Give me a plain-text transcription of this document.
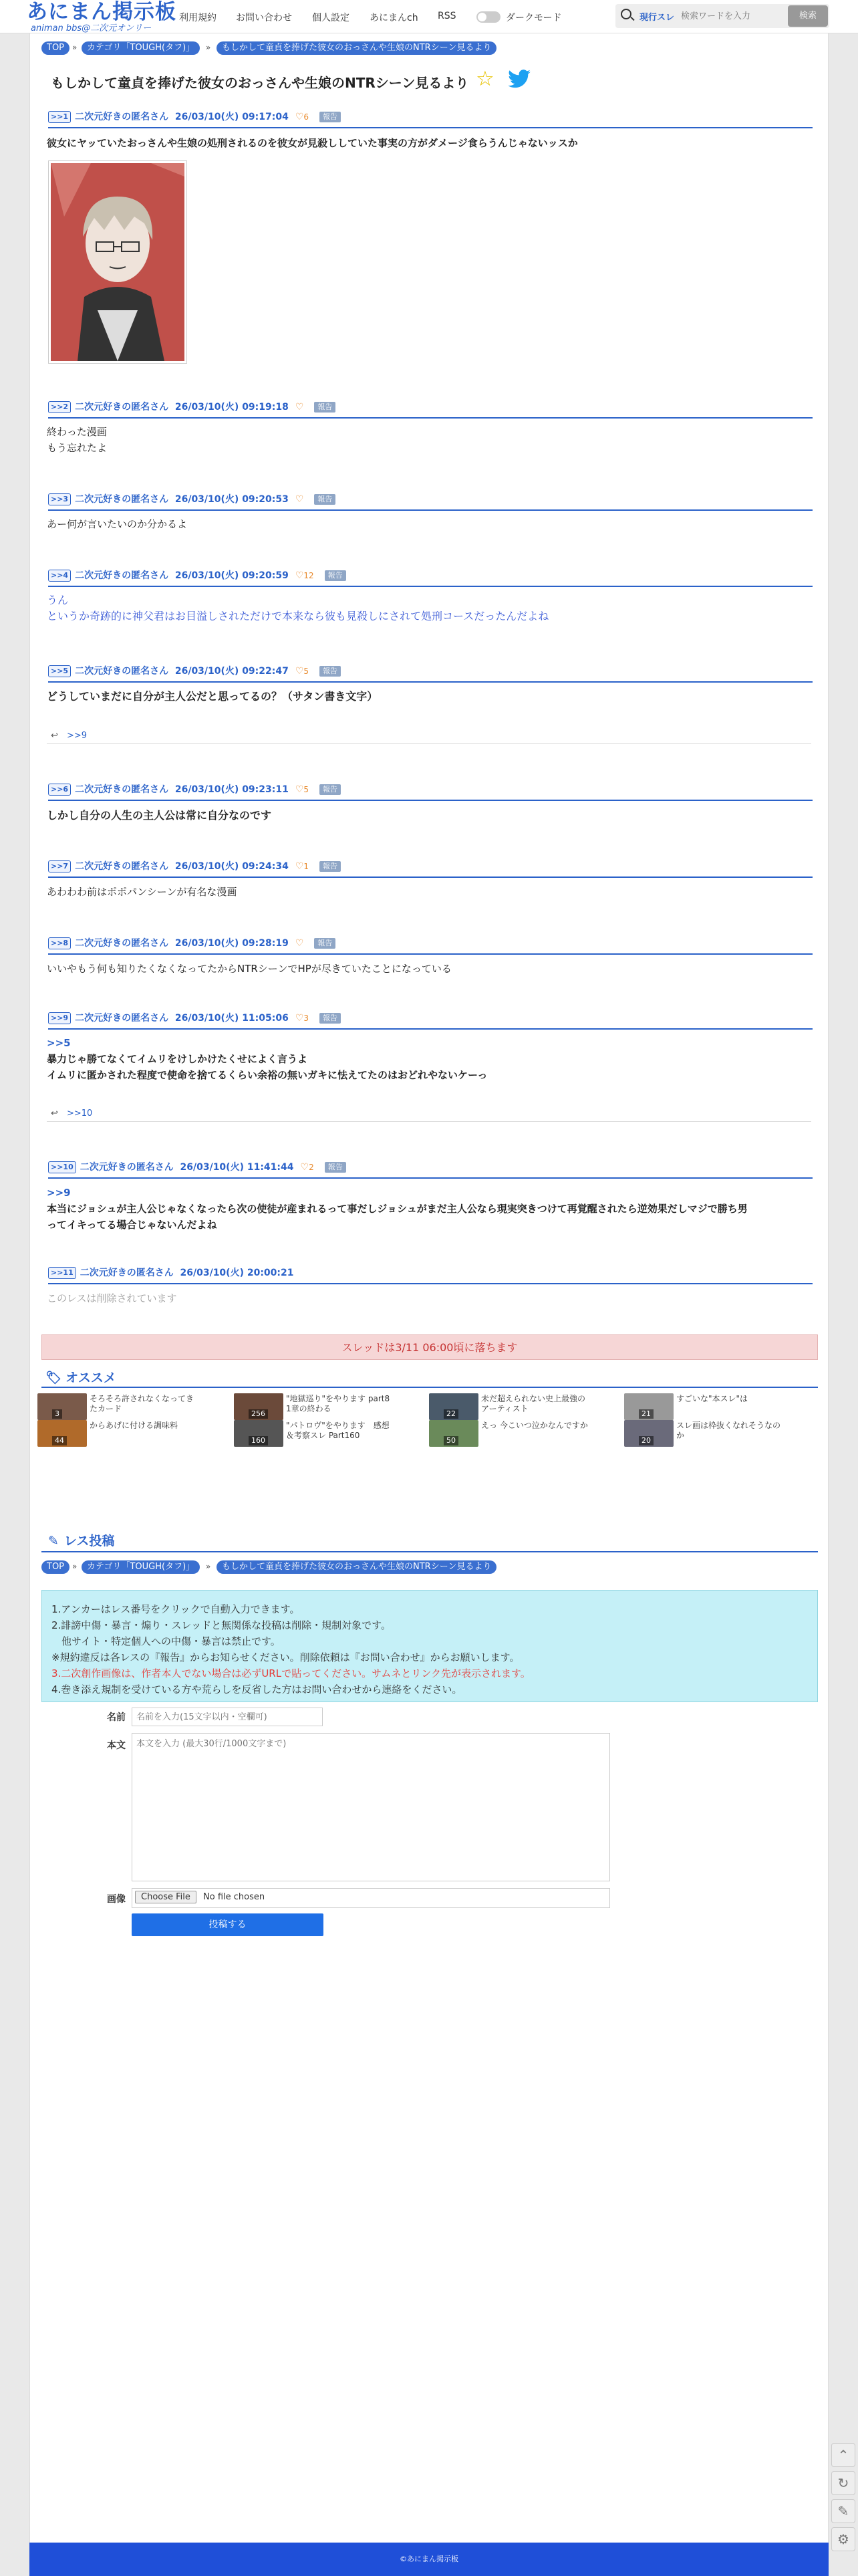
あにまん掲示板
animan bbs@二次元オンリー
利用規約 お問い合わせ 個人設定 あにまんch RSS	ダークモード	現行スレ
検索ワードを入力	検索
TOP »	カテゴリ「TOUGH(タフ)」	»	もしかして童貞を捧げた彼女のおっさんや生娘のNTRシーン見るより
もしかして童貞を捧げた彼女のおっさんや生娘のNTRシーン見るより ☆
>>1 二次元好きの匿名さん 26/03/10(火) 09:17:04 ♡6 報告
彼女にヤッていたおっさんや生娘の処刑されるのを彼女が見殺ししていた事実の方がダメージ食らうんじゃないッスか
>>2 二次元好きの匿名さん 26/03/10(火) 09:19:18 ♡ 報告
終わった漫画
もう忘れたよ
>>3 二次元好きの匿名さん 26/03/10(火) 09:20:53 ♡ 報告
あー何が言いたいのか分かるよ
>>4 二次元好きの匿名さん 26/03/10(火) 09:20:59 ♡12 報告
うん
というか奇跡的に神父君はお目溢しされただけで本来なら彼も見殺しにされて処刑コースだったんだよね
>>5 二次元好きの匿名さん 26/03/10(火) 09:22:47 ♡5 報告
どうしていまだに自分が主人公だと思ってるの？（サタン書き文字）
↩ >>9
>>6 二次元好きの匿名さん 26/03/10(火) 09:23:11 ♡5 報告
しかし自分の人生の主人公は常に自分なのです
>>7 二次元好きの匿名さん 26/03/10(火) 09:24:34 ♡1 報告
あわわわ前はポポパンシーンが有名な漫画
>>8 二次元好きの匿名さん 26/03/10(火) 09:28:19 ♡ 報告
いいやもう何も知りたくなくなってたからNTRシーンでHPが尽きていたことになっている
>>9 二次元好きの匿名さん 26/03/10(火) 11:05:06 ♡3 報告
>>5
暴力じゃ勝てなくてイムリをけしかけたくせによく言うよ
イムリに匿かされた程度で使命を捨てるくらい余裕の無いガキに怯えてたのはおどれやないケーっ
↩ >>10
>>10 二次元好きの匿名さん 26/03/10(火) 11:41:44 ♡2 報告
>>9
本当にジョシュが主人公じゃなくなったら次の使徒が産まれるって事だしジョシュがまだ主人公なら現実突きつけて再覚醒されたら逆効果だしマジで勝ち男
ってイキってる場合じゃないんだよね
>>11 二次元好きの匿名さん 26/03/10(火) 20:00:21
このレスは削除されています
スレッドは3/11 06:00頃に落ちます
🏷 オススメ
3
そろそろ許されなくなってきたカード
44
からあげに付ける調味料
256
"地獄巡り"をやります part8 1章の終わる
160
"パトロヴ"をやります　感想＆考察スレ Part160
22
未だ超えられない史上最強のアーティスト
50
えっ 今こいつ泣かなんですか
21
すごいな"本スレ"は
20
スレ画は枠抜くなれそうなのか
✎ レス投稿
TOP »	カテゴリ「TOUGH(タフ)」	»	もしかして童貞を捧げた彼女のおっさんや生娘のNTRシーン見るより
1.アンカーはレス番号をクリックで自動入力できます。
2.誹謗中傷・暴言・煽り・スレッドと無関係な投稿は削除・規制対象です。
　他サイト・特定個人への中傷・暴言は禁止です。
※規約違反は各レスの『報告』からお知らせください。削除依頼は『お問い合わせ』からお願いします。
3.二次創作画像は、作者本人でない場合は必ずURLで貼ってください。サムネとリンク先が表示されます。
4.巻き添え規制を受けている方や荒らしを反省した方はお問い合わせから連絡をください。
名前
名前を入力(15文字以内・空欄可)
本文
本文を入力 (最大30行/1000文字まで)
画像	Choose File No file chosen
投稿する
⌃
↻
✎
⚙
©あにまん掲示板
